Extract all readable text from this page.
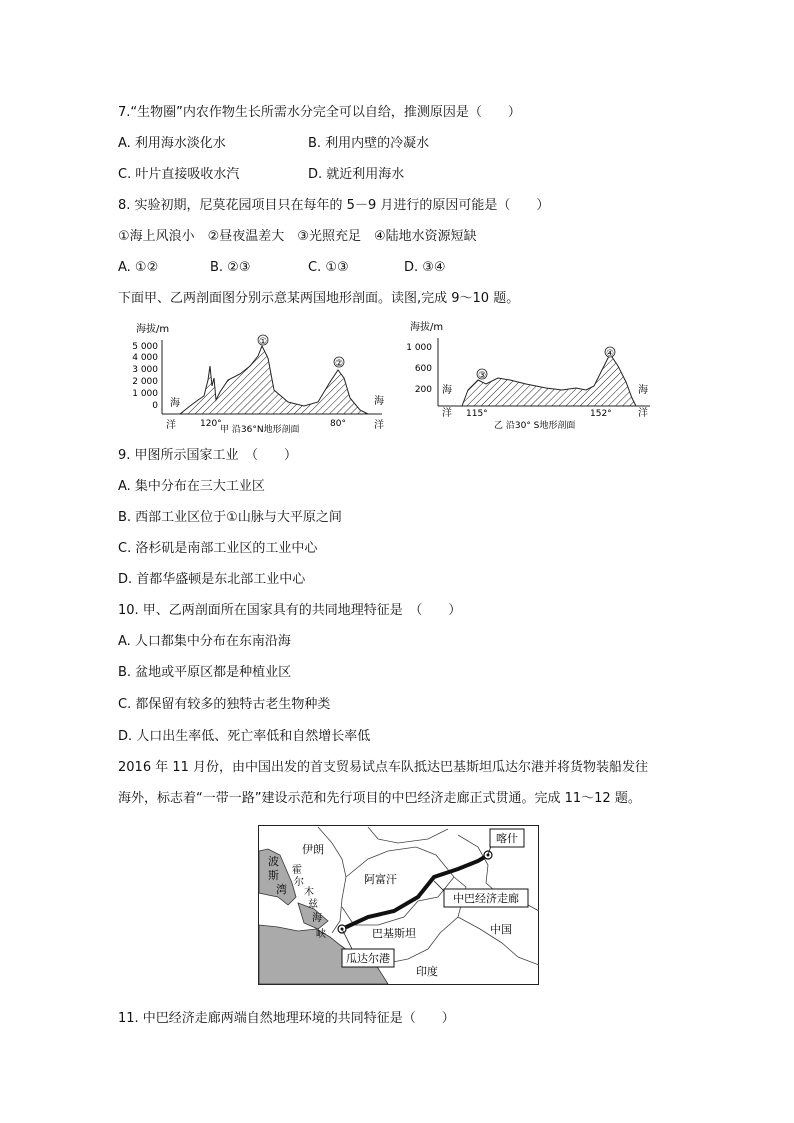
7.“生物圈”内农作物生长所需水分完全可以自给，推测原因是（　　）
A. 利用海水淡化水	B. 利用内壁的冷凝水
C. 叶片直接吸收水汽	D. 就近利用海水
8. 实验初期，尼莫花园项目只在每年的 5－9 月进行的原因可能是（　　）
①海上风浪小　②昼夜温差大　③光照充足　④陆地水资源短缺
A. ①②	B. ②③	C. ①③	D. ③④
下面甲、乙两剖面图分别示意某两国地形剖面。读图,完成 9～10 题。
海拔/m
5 000
4 000
3 000
2 000
1 000
0
①
②
海
洋
海
洋
120°	80°
甲 沿36°N地形剖面
海拔/m
1 000
600
200
③
④
海
洋
海
洋
115°	152°
乙 沿30° S地形剖面
9. 甲图所示国家工业　（　　）
A. 集中分布在三大工业区
B. 西部工业区位于①山脉与大平原之间
C. 洛杉矶是南部工业区的工业中心
D. 首都华盛顿是东北部工业中心
10. 甲、乙两剖面所在国家具有的共同地理特征是　（　　）
A. 人口都集中分布在东南沿海
B. 盆地或平原区都是种植业区
C. 都保留有较多的独特古老生物种类
D. 人口出生率低、死亡率低和自然增长率低
2016 年 11 月份，由中国出发的首支贸易试点车队抵达巴基斯坦瓜达尔港并将货物装船发往
海外，标志着“一带一路”建设示范和先行项目的中巴经济走廊正式贯通。完成 11～12 题。
喀什
中巴经济走廊
瓜达尔港
伊朗
阿富汗
巴基斯坦	中国
印度
波
斯
湾
霍
尔
木
兹
海
峡
11. 中巴经济走廊两端自然地理环境的共同特征是（　　）
